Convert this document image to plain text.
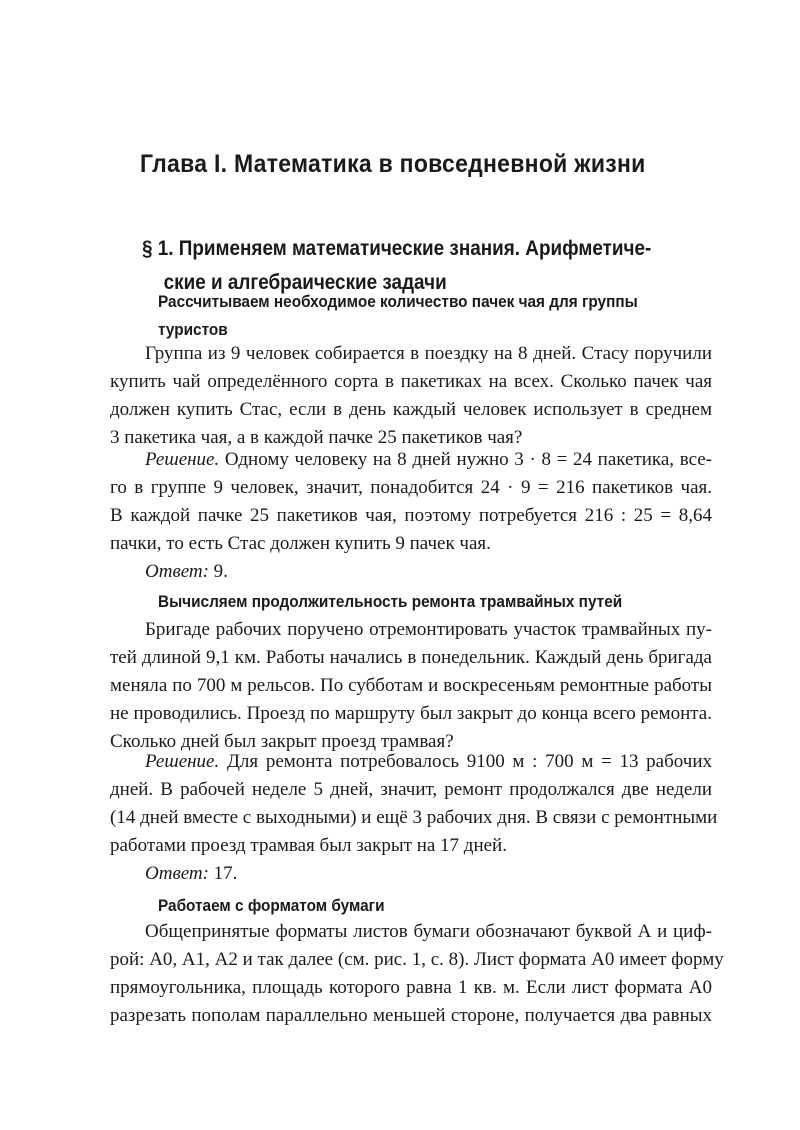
Глава I. Математика в повседневной жизни
§ 1. Применяем математические знания. Арифметиче-
ские и алгебраические задачи
Рассчитываем необходимое количество пачек чая для группы
туристов
Группа из 9 человек собирается в поездку на 8 дней. Стасу поручили
купить чай определённого сорта в пакетиках на всех. Сколько пачек чая
должен купить Стас, если в день каждый человек использует в среднем
3 пакетика чая, а в каждой пачке 25 пакетиков чая?
Решение. Одному человеку на 8 дней нужно 3 · 8 = 24 пакетика, все-
го в группе 9 человек, значит, понадобится 24 · 9 = 216 пакетиков чая.
В каждой пачке 25 пакетиков чая, поэтому потребуется 216 : 25 = 8,64
пачки, то есть Стас должен купить 9 пачек чая.
Ответ: 9.
Вычисляем продолжительность ремонта трамвайных путей
Бригаде рабочих поручено отремонтировать участок трамвайных пу-
тей длиной 9,1 км. Работы начались в понедельник. Каждый день бригада
меняла по 700 м рельсов. По субботам и воскресеньям ремонтные работы
не проводились. Проезд по маршруту был закрыт до конца всего ремонта.
Сколько дней был закрыт проезд трамвая?
Решение. Для ремонта потребовалось 9100 м : 700 м = 13 рабочих
дней. В рабочей неделе 5 дней, значит, ремонт продолжался две недели
(14 дней вместе с выходными) и ещё 3 рабочих дня. В связи с ремонтными
работами проезд трамвая был закрыт на 17 дней.
Ответ: 17.
Работаем с форматом бумаги
Общепринятые форматы листов бумаги обозначают буквой А и циф-
рой: А0, А1, А2 и так далее (см. рис. 1, с. 8). Лист формата А0 имеет форму
прямоугольника, площадь которого равна 1 кв. м. Если лист формата А0
разрезать пополам параллельно меньшей стороне, получается два равных
